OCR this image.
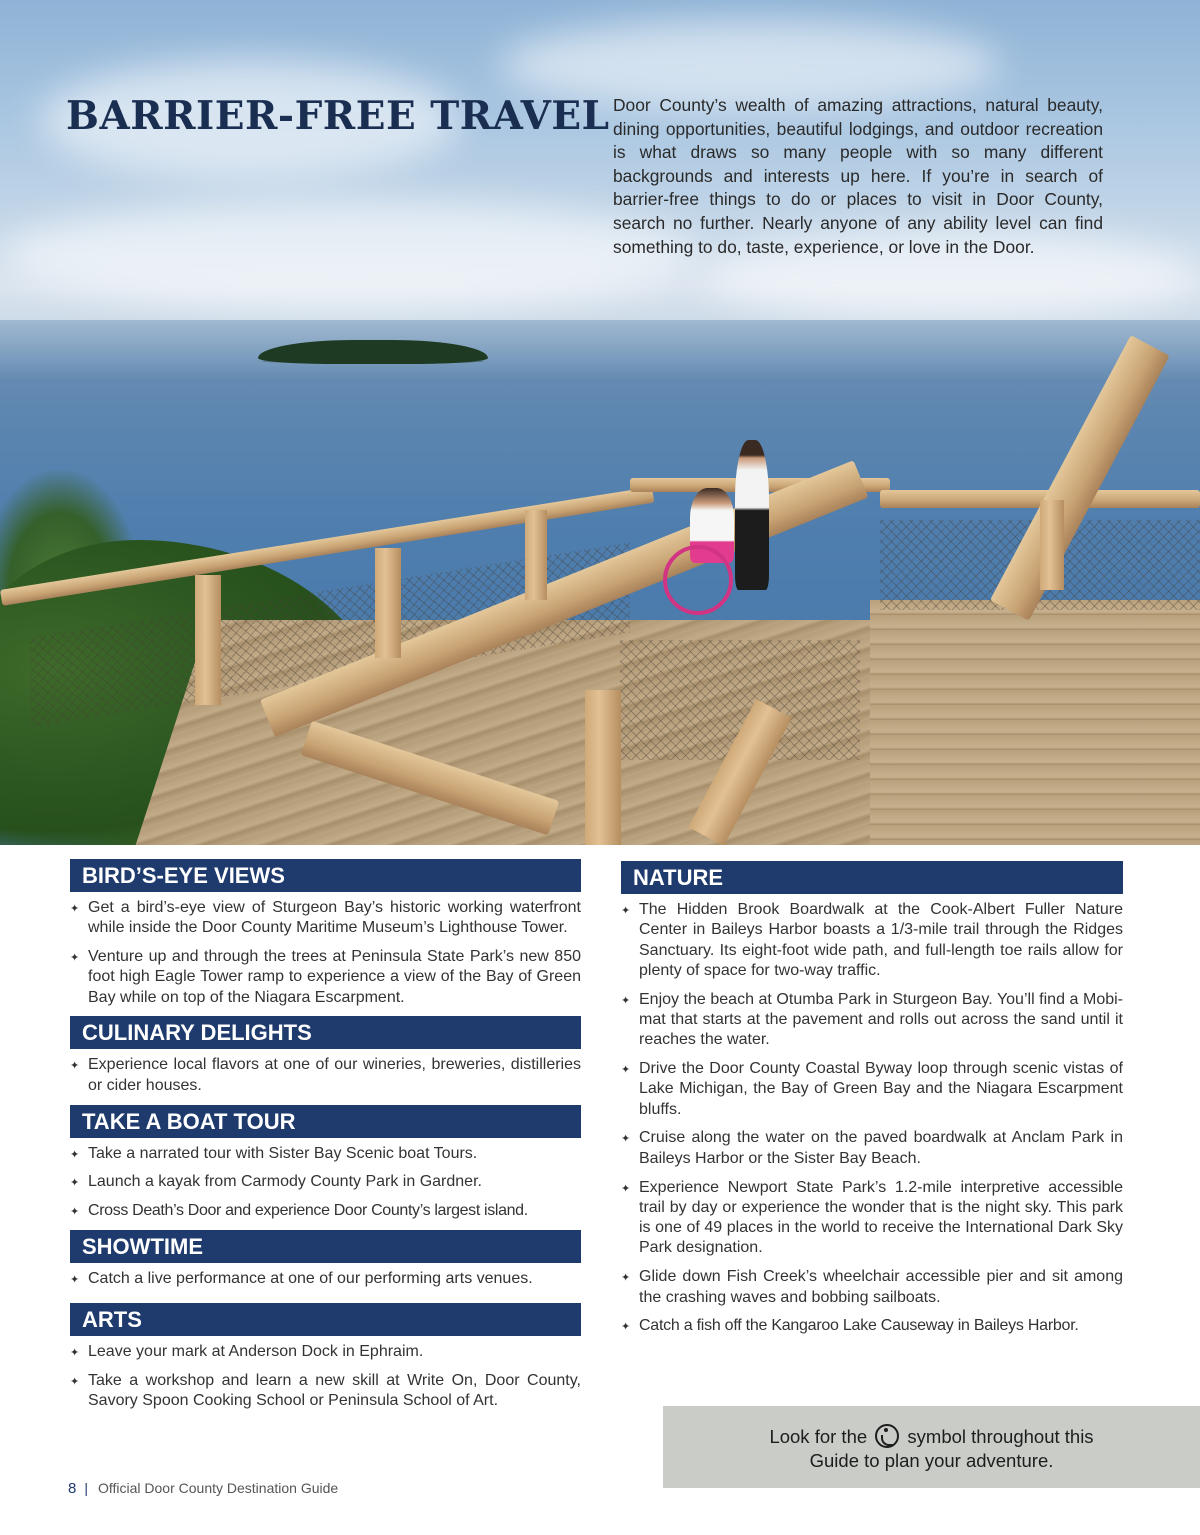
BARRIER-FREE TRAVEL Door County’s wealth of amazing attractions, natural beauty, dining opportunities, beautiful lodgings, and outdoor recreation is what draws so many people with so many different backgrounds and interests up here. If you’re in search of barrier-free things to do or places to visit in Door County, search no further. Nearly anyone of any ability level can find something to do, taste, experience, or love in the Door.

BIRD’S-EYE VIEWS
✦ Get a bird’s-eye view of Sturgeon Bay’s historic working waterfront while inside the Door County Maritime Museum’s Lighthouse Tower.
✦ Venture up and through the trees at Peninsula State Park’s new 850 foot high Eagle Tower ramp to experience a view of the Bay of Green Bay while on top of the Niagara Escarpment.
CULINARY DELIGHTS
✦ Experience local flavors at one of our wineries, breweries, distilleries or cider houses.
TAKE A BOAT TOUR
✦ Take a narrated tour with Sister Bay Scenic boat Tours.
✦ Launch a kayak from Carmody County Park in Gardner.
✦ Cross Death’s Door and experience Door County’s largest island.
SHOWTIME
✦ Catch a live performance at one of our performing arts venues.
ARTS
✦ Leave your mark at Anderson Dock in Ephraim.
✦ Take a workshop and learn a new skill at Write On, Door County, Savory Spoon Cooking School or Peninsula School of Art.
NATURE
✦ The Hidden Brook Boardwalk at the Cook-Albert Fuller Nature Center in Baileys Harbor boasts a 1/3-mile trail through the Ridges Sanctuary. Its eight-foot wide path, and full-length toe rails allow for plenty of space for two-way traffic.
✦ Enjoy the beach at Otumba Park in Sturgeon Bay. You’ll find a Mobi-mat that starts at the pavement and rolls out across the sand until it reaches the water.
✦ Drive the Door County Coastal Byway loop through scenic vistas of Lake Michigan, the Bay of Green Bay and the Niagara Escarpment bluffs.
✦ Cruise along the water on the paved boardwalk at Anclam Park in Baileys Harbor or the Sister Bay Beach.
✦ Experience Newport State Park’s 1.2-mile interpretive accessible trail by day or experience the wonder that is the night sky. This park is one of 49 places in the world to receive the International Dark Sky Park designation.
✦ Glide down Fish Creek’s wheelchair accessible pier and sit among the crashing waves and bobbing sailboats.
✦ Catch a fish off the Kangaroo Lake Causeway in Baileys Harbor.
Look for the symbol throughout this
Guide to plan your adventure.
8 | Official Door County Destination Guide
